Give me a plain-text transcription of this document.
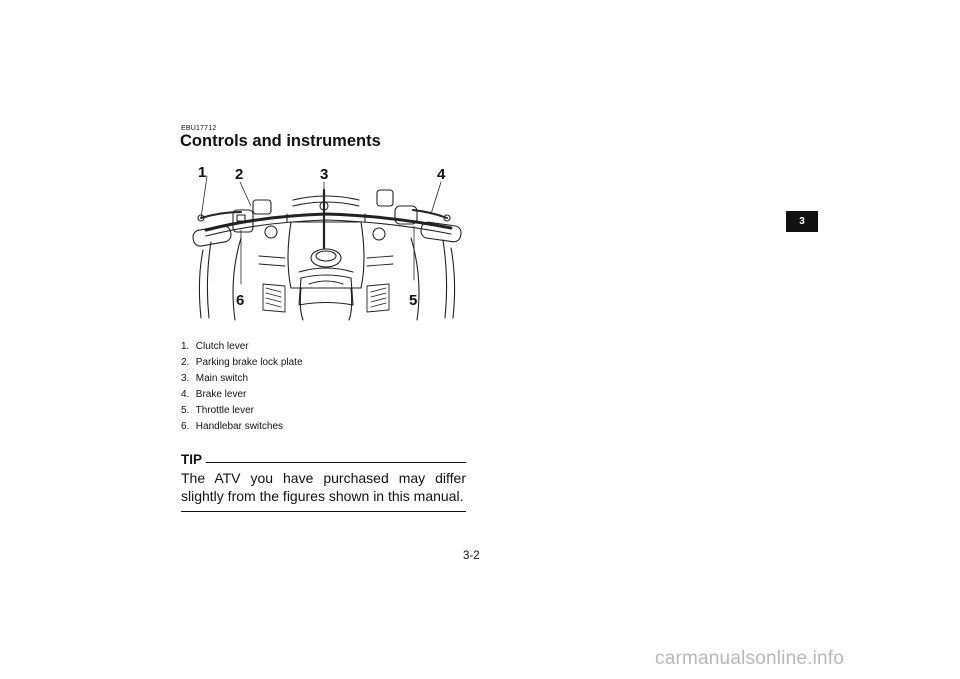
EBU17712
Controls and instruments
1 2	3	4
5
6
1. Clutch lever
2. Parking brake lock plate
3. Main switch
4. Brake lever
5. Throttle lever
6. Handlebar switches
TIP
The ATV you have purchased may differ slightly from the figures shown in this manual.
3-2
3
carmanualsonline.info
